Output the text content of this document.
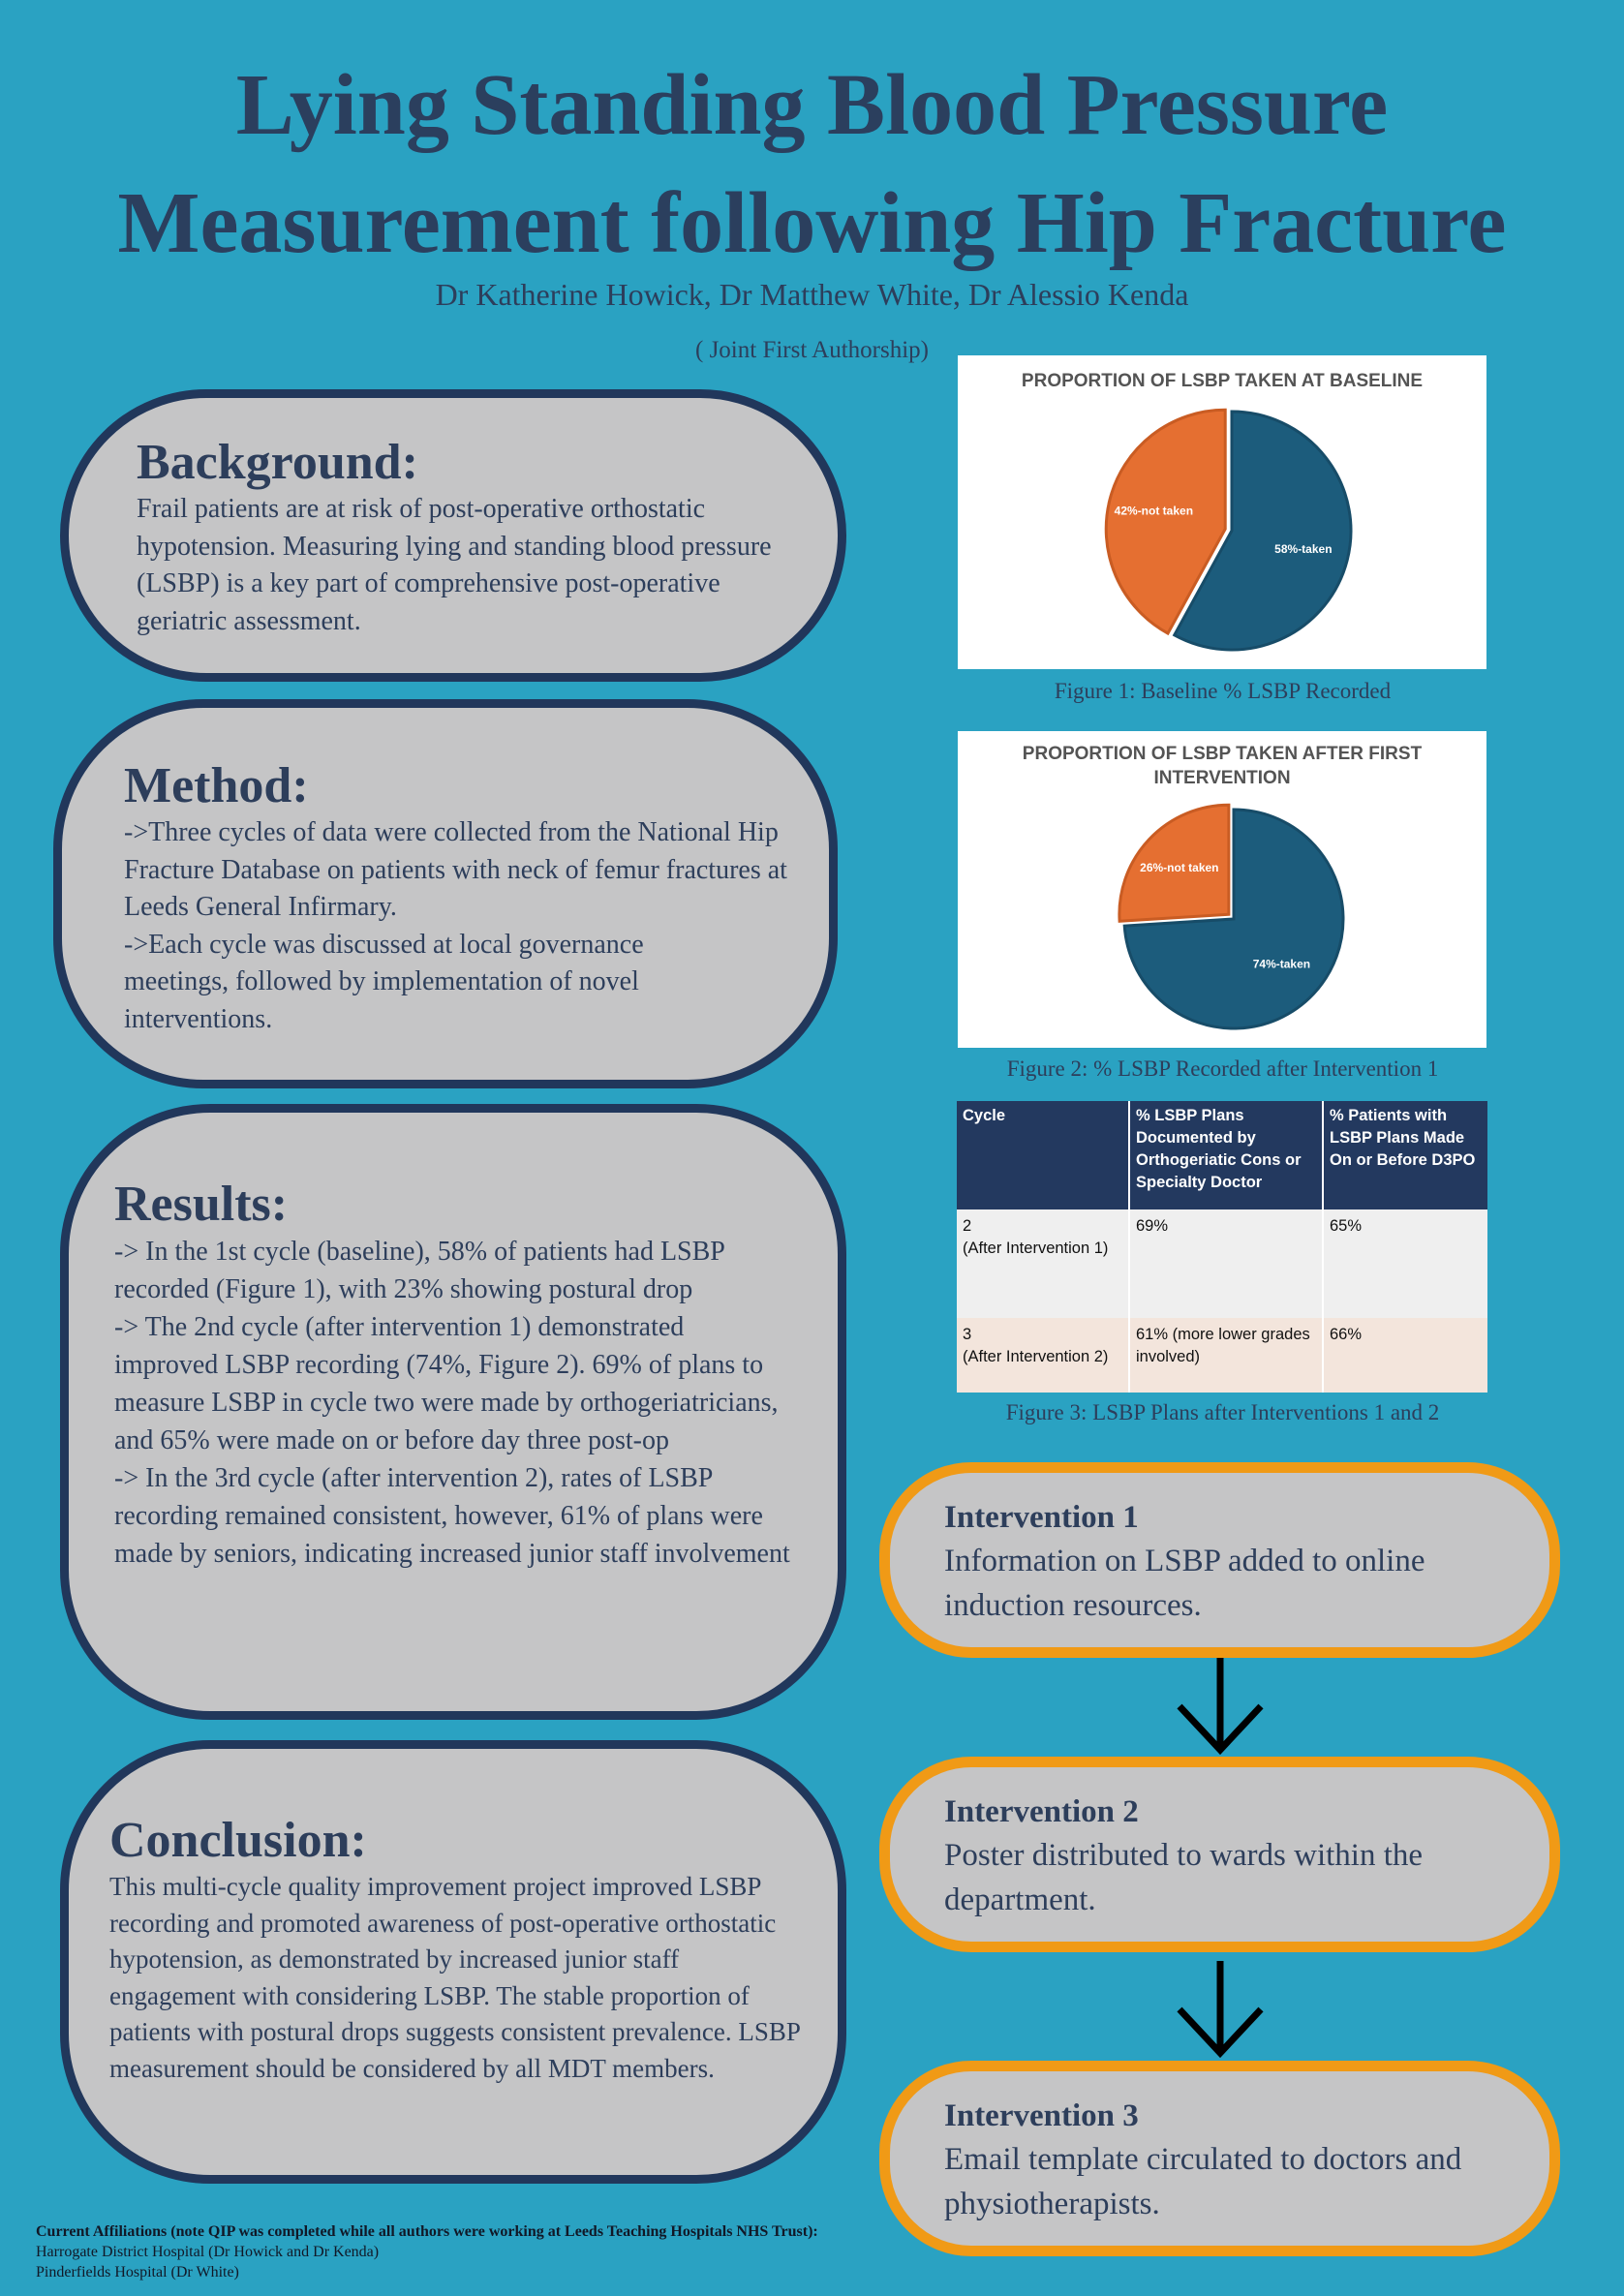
Lying Standing Blood Pressure
Measurement following Hip Fracture
Dr Katherine Howick, Dr Matthew White, Dr Alessio Kenda
( Joint First Authorship)
Background:

Frail patients are at risk of post-operative orthostatic hypotension. Measuring lying and standing blood pressure (LSBP) is a key part of comprehensive post-operative geriatric assessment.

Method:

->Three cycles of data were collected from the National Hip Fracture Database on patients with neck of femur fractures at Leeds General Infirmary.

->Each cycle was discussed at local governance meetings, followed by implementation of novel interventions.

Results:

-> In the 1st cycle (baseline), 58% of patients had LSBP recorded (Figure 1), with 23% showing postural drop

-> The 2nd cycle (after intervention 1) demonstrated improved LSBP recording (74%, Figure 2). 69% of plans to measure LSBP in cycle two were made by orthogeriatricians, and 65% were made on or before day three post-op

-> In the 3rd cycle (after intervention 2), rates of LSBP recording remained consistent, however, 61% of plans were made by seniors, indicating increased junior staff involvement

Conclusion:

This multi-cycle quality improvement project improved LSBP recording and promoted awareness of post-operative orthostatic hypotension, as demonstrated by increased junior staff engagement with considering LSBP. The stable proportion of patients with postural drops suggests consistent prevalence. LSBP measurement should be considered by all MDT members.

PROPORTION OF LSBP TAKEN AT BASELINE
58%-taken
42%-not taken
Figure 1: Baseline % LSBP Recorded
PROPORTION OF LSBP TAKEN AFTER FIRST INTERVENTION
74%-taken
26%-not taken
Figure 2: % LSBP Recorded after Intervention 1
Cycle	% LSBP Plans Documented by Orthogeriatic Cons or Specialty Doctor	% Patients with LSBP Plans Made On or Before D3PO
2
(After Intervention 1)	69%	65%
3
(After Intervention 2)	61% (more lower grades involved)	66%
Figure 3: LSBP Plans after Interventions 1 and 2
Intervention 1

Information on LSBP added to online induction resources.

Intervention 2

Poster distributed to wards within the department.

Intervention 3

Email template circulated to doctors and physiotherapists.

Current Affiliations (note QIP was completed while all authors were working at Leeds Teaching Hospitals NHS Trust):
Harrogate District Hospital (Dr Howick and Dr Kenda)
Pinderfields Hospital (Dr White)
